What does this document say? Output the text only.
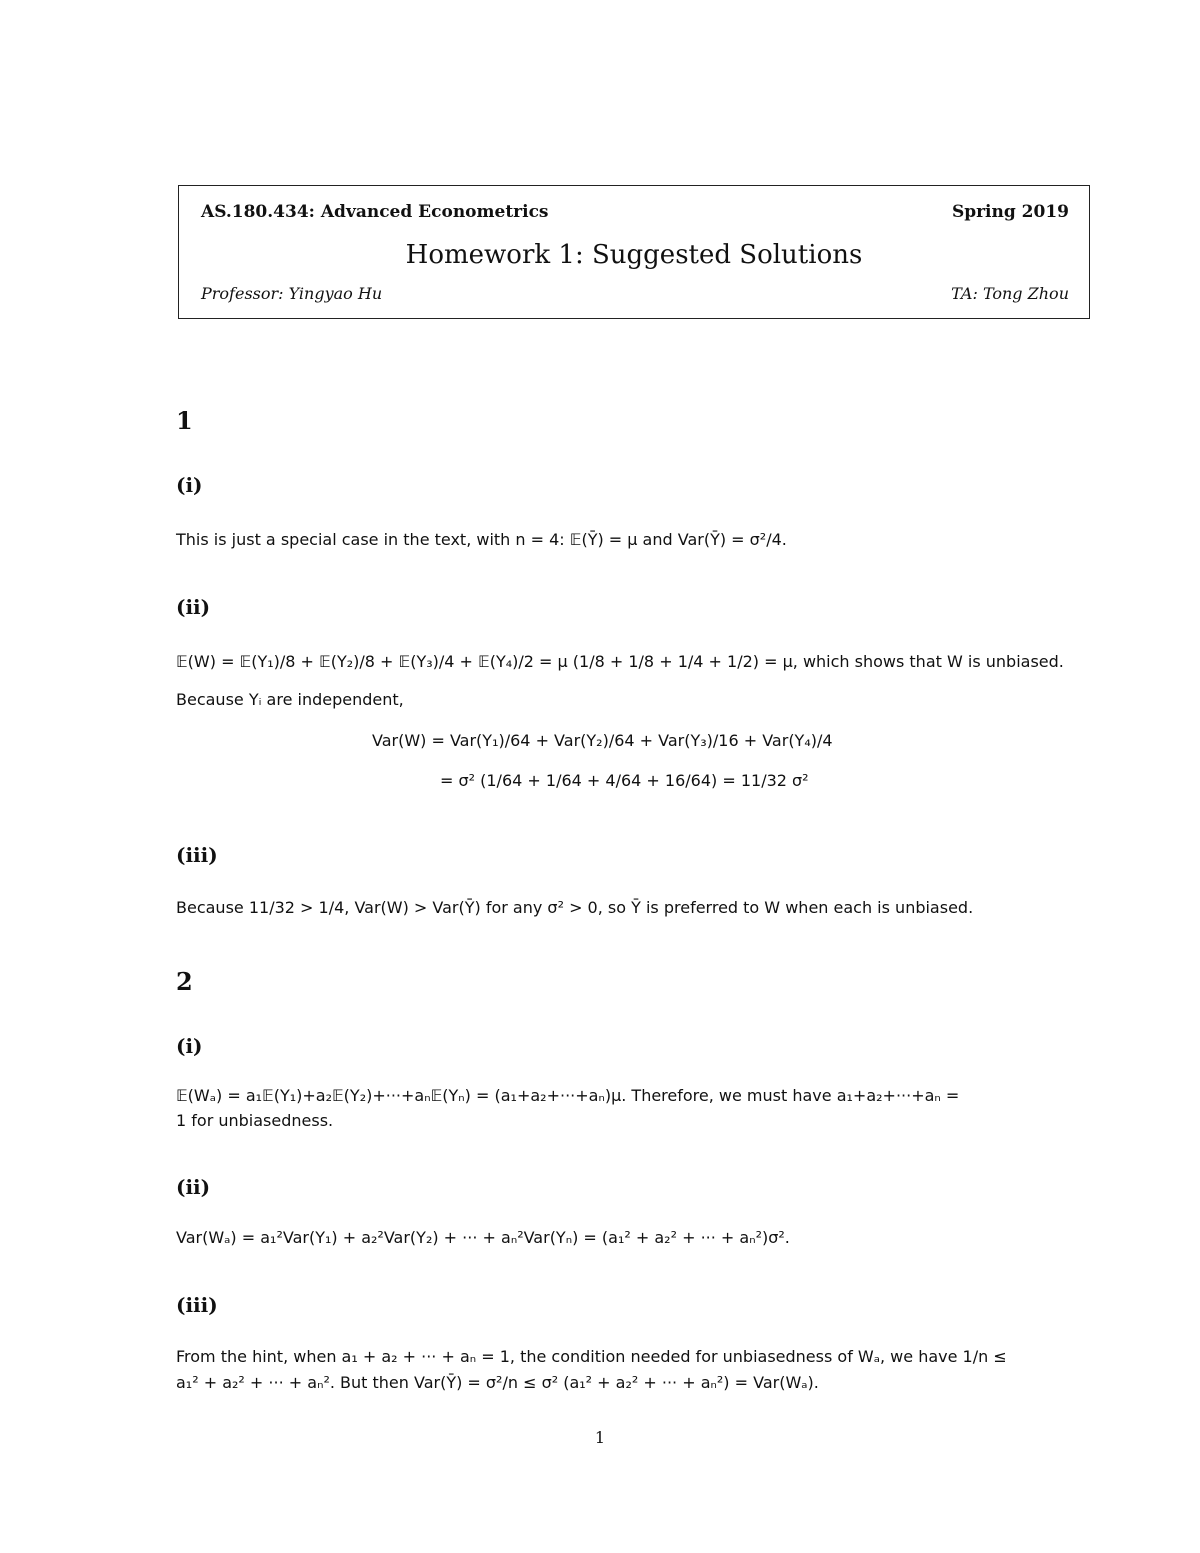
AS.180.434: Advanced Econometrics	Spring 2019
Homework 1: Suggested Solutions
Professor: Yingyao Hu	TA: Tong Zhou
1
(i)
This is just a special case in the text, with n = 4: 𝔼(Ȳ) = μ and Var(Ȳ) = σ²/4.
(ii)
𝔼(W) = 𝔼(Y₁)/8 + 𝔼(Y₂)/8 + 𝔼(Y₃)/4 + 𝔼(Y₄)/2 = μ (1/8 + 1/8 + 1/4 + 1/2) = μ, which shows that W is unbiased.
Because Yᵢ are independent,
Var(W) = Var(Y₁)/64 + Var(Y₂)/64 + Var(Y₃)/16 + Var(Y₄)/4
= σ² (1/64 + 1/64 + 4/64 + 16/64) = 11/32 σ²
(iii)
Because 11/32 > 1/4, Var(W) > Var(Ȳ) for any σ² > 0, so Ȳ is preferred to W when each is unbiased.
2
(i)
𝔼(Wₐ) = a₁𝔼(Y₁)+a₂𝔼(Y₂)+···+aₙ𝔼(Yₙ) = (a₁+a₂+···+aₙ)μ. Therefore, we must have a₁+a₂+···+aₙ =
1 for unbiasedness.
(ii)
Var(Wₐ) = a₁²Var(Y₁) + a₂²Var(Y₂) + ··· + aₙ²Var(Yₙ) = (a₁² + a₂² + ··· + aₙ²)σ².
(iii)
From the hint, when a₁ + a₂ + ··· + aₙ = 1, the condition needed for unbiasedness of Wₐ, we have 1/n ≤
a₁² + a₂² + ··· + aₙ². But then Var(Ȳ) = σ²/n ≤ σ² (a₁² + a₂² + ··· + aₙ²) = Var(Wₐ).
1
